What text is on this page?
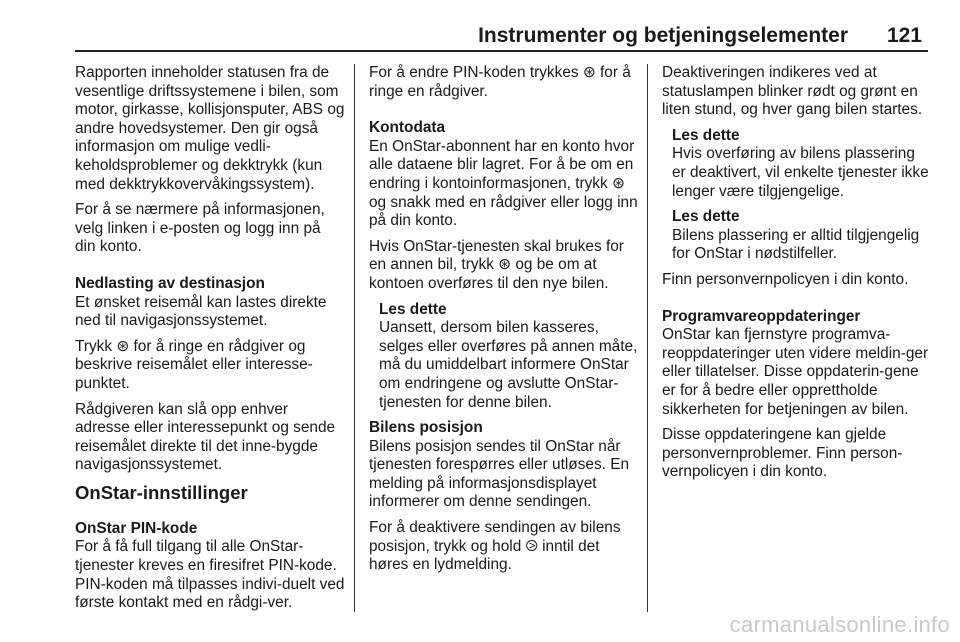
Instrumenter og betjeningselementer 121

Rapporten inneholder statusen fra de vesentlige driftssystemene i bilen, som motor, girkasse, kollisjonsputer, ABS og andre hovedsystemer. Den gir også informasjon om mulige vedli-keholdsproblemer og dekktrykk (kun med dekktrykkovervåkingssystem).

For å se nærmere på informasjonen, velg linken i e-posten og logg inn på din konto.

Nedlasting av destinasjon

Et ønsket reisemål kan lastes direkte ned til navigasjonssystemet.

Trykk ⊛ for å ringe en rådgiver og beskrive reisemålet eller interesse-punktet.

Rådgiveren kan slå opp enhver adresse eller interessepunkt og sende reisemålet direkte til det inne-bygde navigasjonssystemet.

OnStar-innstillinger

OnStar PIN-kode

For å få full tilgang til alle OnStar-tjenester kreves en firesifret PIN-kode. PIN-koden må tilpasses indivi-duelt ved første kontakt med en rådgi-ver.

For å endre PIN-koden trykkes ⊛ for å ringe en rådgiver.

Kontodata

En OnStar-abonnent har en konto hvor alle dataene blir lagret. For å be om en endring i kontoinformasjonen, trykk ⊛ og snakk med en rådgiver eller logg inn på din konto.

Hvis OnStar-tjenesten skal brukes for en annen bil, trykk ⊛ og be om at kontoen overføres til den nye bilen.

Les dette

Uansett, dersom bilen kasseres, selges eller overføres på annen måte, må du umiddelbart informere OnStar om endringene og avslutte OnStar-tjenesten for denne bilen.

Bilens posisjon

Bilens posisjon sendes til OnStar når tjenesten forespørres eller utløses. En melding på informasjonsdisplayet informerer om denne sendingen.

For å deaktivere sendingen av bilens posisjon, trykk og hold ⧁ inntil det høres en lydmelding.

Deaktiveringen indikeres ved at statuslampen blinker rødt og grønt en liten stund, og hver gang bilen startes.

Les dette

Hvis overføring av bilens plassering er deaktivert, vil enkelte tjenester ikke lenger være tilgjengelige.

Les dette

Bilens plassering er alltid tilgjengelig for OnStar i nødstilfeller.

Finn personvernpolicyen i din konto.

Programvareoppdateringer

OnStar kan fjernstyre programva-reoppdateringer uten videre meldin-ger eller tillatelser. Disse oppdaterin-gene er for å bedre eller opprettholde sikkerheten for betjeningen av bilen.

Disse oppdateringene kan gjelde personvernproblemer. Finn person-vernpolicyen i din konto.

carmanualsonline.info
